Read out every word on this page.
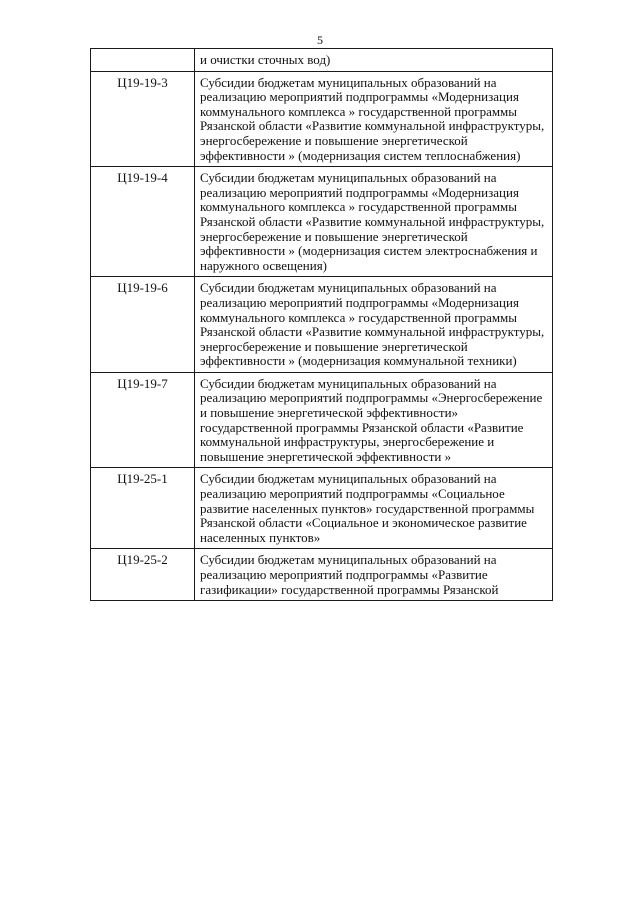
5
	и очистки сточных вод)
Ц19-19-3	Субсидии бюджетам муниципальных образований на реализацию мероприятий подпрограммы «Модернизация коммунального комплекса » государственной программы Рязанской области «Развитие коммунальной инфраструктуры, энергосбережение и повышение энергетической эффективности » (модернизация систем теплоснабжения)
Ц19-19-4	Субсидии бюджетам муниципальных образований на реализацию мероприятий подпрограммы «Модернизация коммунального комплекса » государственной программы Рязанской области «Развитие коммунальной инфраструктуры, энергосбережение и повышение энергетической эффективности » (модернизация систем электроснабжения и наружного освещения)
Ц19-19-6	Субсидии бюджетам муниципальных образований на реализацию мероприятий подпрограммы «Модернизация коммунального комплекса » государственной программы Рязанской области «Развитие коммунальной инфраструктуры, энергосбережение и повышение энергетической эффективности » (модернизация коммунальной техники)
Ц19-19-7	Субсидии бюджетам муниципальных образований на реализацию мероприятий подпрограммы «Энергосбережение и повышение энергетической эффективности» государственной программы Рязанской области «Развитие коммунальной инфраструктуры, энергосбережение и повышение энергетической эффективности »
Ц19-25-1	Субсидии бюджетам муниципальных образований на реализацию мероприятий подпрограммы «Социальное развитие населенных пунктов» государственной программы Рязанской области «Социальное и экономическое развитие населенных пунктов»
Ц19-25-2	Субсидии бюджетам муниципальных образований на реализацию мероприятий подпрограммы «Развитие газификации» государственной программы Рязанской
